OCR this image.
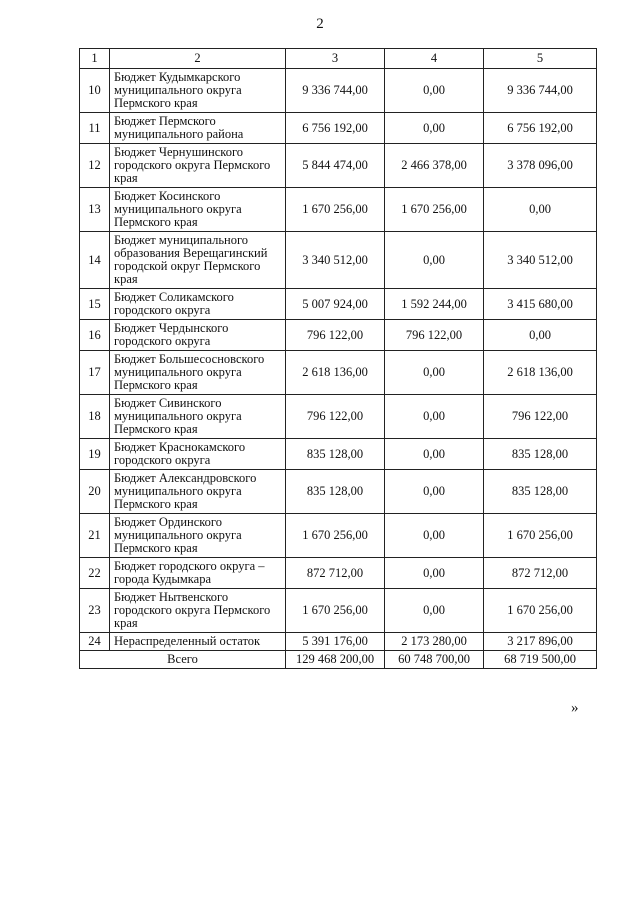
2
1	2	3	4	5
10	Бюджет Кудымкарского муниципального округа Пермского края	9 336 744,00	0,00	9 336 744,00
11	Бюджет Пермского муниципального района	6 756 192,00	0,00	6 756 192,00
12	Бюджет Чернушинского городского округа Пермского края	5 844 474,00	2 466 378,00	3 378 096,00
13	Бюджет Косинского муниципального округа Пермского края	1 670 256,00	1 670 256,00	0,00
14	Бюджет муниципального образования Верещагинский городской округ Пермского края	3 340 512,00	0,00	3 340 512,00
15	Бюджет Соликамского городского округа	5 007 924,00	1 592 244,00	3 415 680,00
16	Бюджет Чердынского городского округа	796 122,00	796 122,00	0,00
17	Бюджет Большесосновского муниципального округа Пермского края	2 618 136,00	0,00	2 618 136,00
18	Бюджет Сивинского муниципального округа Пермского края	796 122,00	0,00	796 122,00
19	Бюджет Краснокамского городского округа	835 128,00	0,00	835 128,00
20	Бюджет Александровского муниципального округа Пермского края	835 128,00	0,00	835 128,00
21	Бюджет Ординского муниципального округа Пермского края	1 670 256,00	0,00	1 670 256,00
22	Бюджет городского округа – города Кудымкара	872 712,00	0,00	872 712,00
23	Бюджет Нытвенского городского округа Пермского края	1 670 256,00	0,00	1 670 256,00
24	Нераспределенный остаток	5 391 176,00	2 173 280,00	3 217 896,00
Всего		129 468 200,00	60 748 700,00	68 719 500,00
»
